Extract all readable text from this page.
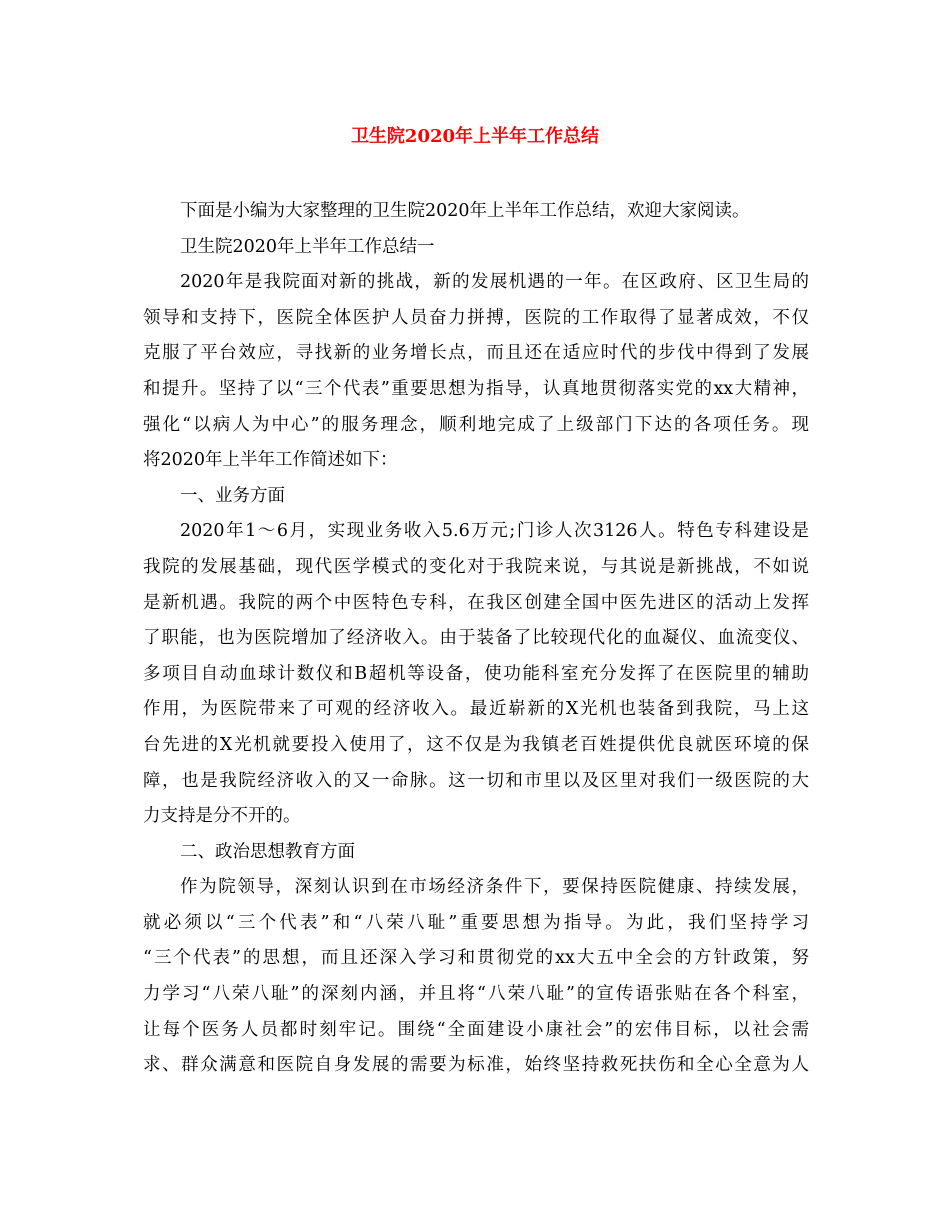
卫生院2020年上半年工作总结
下面是小编为大家整理的卫生院2020年上半年工作总结，欢迎大家阅读。
卫生院2020年上半年工作总结一
2020年是我院面对新的挑战，新的发展机遇的一年。在区政府、区卫生局的
领导和支持下，医院全体医护人员奋力拼搏，医院的工作取得了显著成效，不仅
克服了平台效应，寻找新的业务增长点，而且还在适应时代的步伐中得到了发展
和提升。坚持了以“三个代表”重要思想为指导，认真地贯彻落实党的xx大精神，
强化“以病人为中心”的服务理念，顺利地完成了上级部门下达的各项任务。现
将2020年上半年工作简述如下：
一、业务方面
2020年1～6月，实现业务收入5.6万元;门诊人次3126人。特色专科建设是
我院的发展基础，现代医学模式的变化对于我院来说，与其说是新挑战，不如说
是新机遇。我院的两个中医特色专科，在我区创建全国中医先进区的活动上发挥
了职能，也为医院增加了经济收入。由于装备了比较现代化的血凝仪、血流变仪、
多项目自动血球计数仪和B超机等设备，使功能科室充分发挥了在医院里的辅助
作用，为医院带来了可观的经济收入。最近崭新的X光机也装备到我院，马上这
台先进的X光机就要投入使用了，这不仅是为我镇老百姓提供优良就医环境的保
障，也是我院经济收入的又一命脉。这一切和市里以及区里对我们一级医院的大
力支持是分不开的。
二、政治思想教育方面
作为院领导，深刻认识到在市场经济条件下，要保持医院健康、持续发展，
就必须以“三个代表”和“八荣八耻”重要思想为指导。为此，我们坚持学习
“三个代表”的思想，而且还深入学习和贯彻党的xx大五中全会的方针政策，努
力学习“八荣八耻”的深刻内涵，并且将“八荣八耻”的宣传语张贴在各个科室，
让每个医务人员都时刻牢记。围绕“全面建设小康社会”的宏伟目标，以社会需
求、群众满意和医院自身发展的需要为标准，始终坚持救死扶伤和全心全意为人
